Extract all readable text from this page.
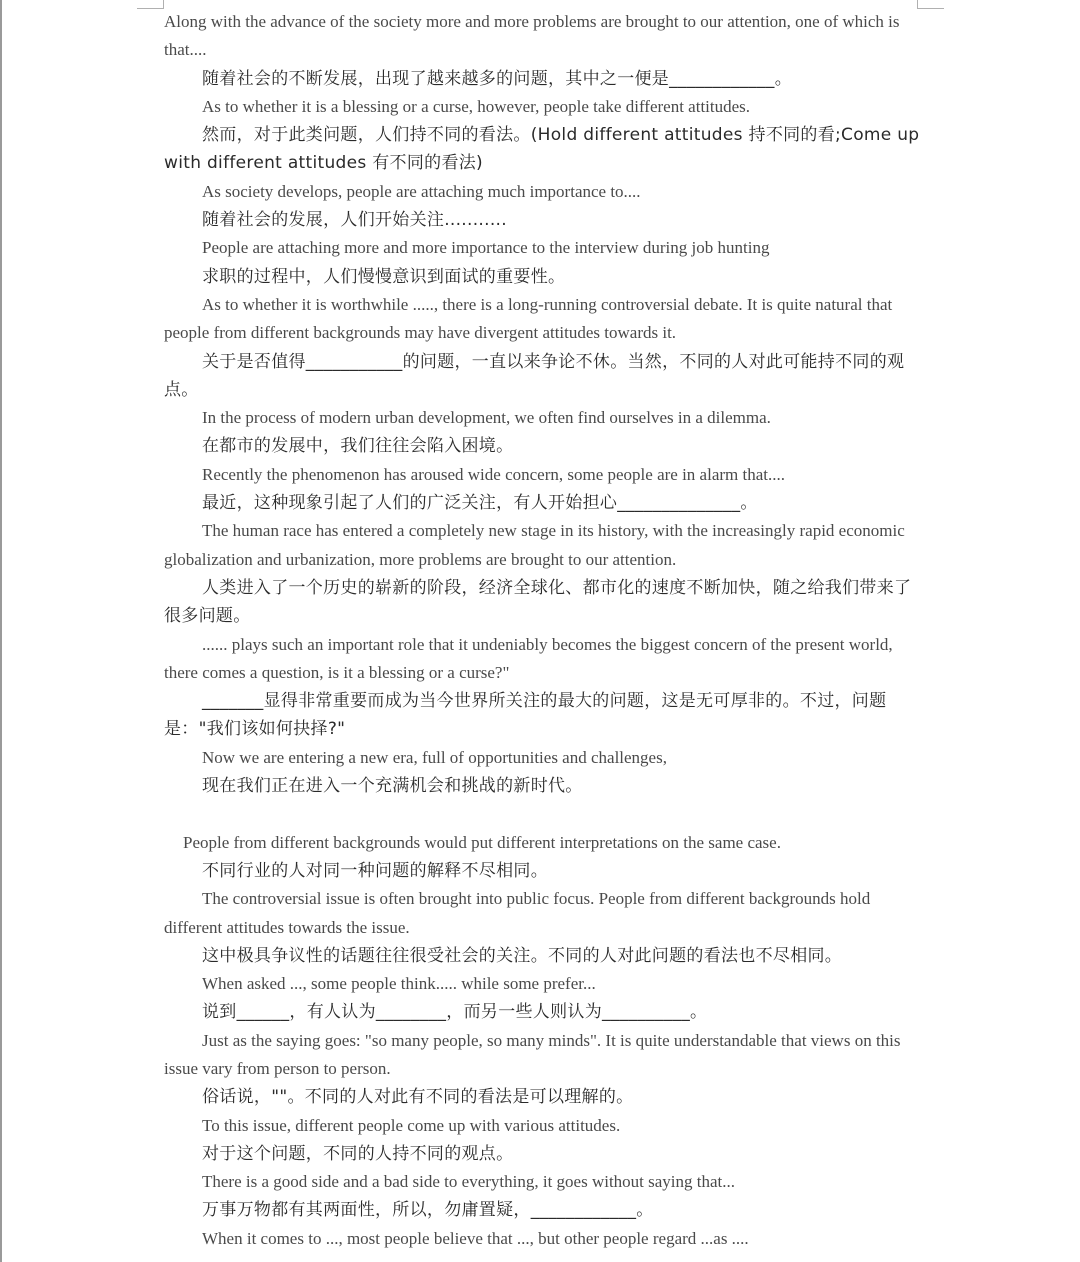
Along with the advance of the society more and more problems are brought to our attention, one of which is that....

随着社会的不断发展，出现了越来越多的问题，其中之一便是____________。

As to whether it is a blessing or a curse, however, people take different attitudes.

然而，对于此类问题，人们持不同的看法。(Hold different attitudes 持不同的看;Come up with different attitudes 有不同的看法)

As society develops, people are attaching much importance to....

随着社会的发展，人们开始关注...........

People are attaching more and more importance to the interview during job hunting

求职的过程中，人们慢慢意识到面试的重要性。

As to whether it is worthwhile ....., there is a long-running controversial debate. It is quite natural that people from different backgrounds may have divergent attitudes towards it.

关于是否值得___________的问题，一直以来争论不休。当然，不同的人对此可能持不同的观点。

In the process of modern urban development, we often find ourselves in a dilemma.

在都市的发展中，我们往往会陷入困境。

Recently the phenomenon has aroused wide concern, some people are in alarm that....

最近，这种现象引起了人们的广泛关注，有人开始担心______________。

The human race has entered a completely new stage in its history, with the increasingly rapid economic globalization and urbanization, more problems are brought to our attention.

人类进入了一个历史的崭新的阶段，经济全球化、都市化的速度不断加快，随之给我们带来了很多问题。

...... plays such an important role that it undeniably becomes the biggest concern of the present world, there comes a question, is it a blessing or a curse?"

_______显得非常重要而成为当今世界所关注的最大的问题，这是无可厚非的。不过，问题是："我们该如何抉择?"

Now we are entering a new era, full of opportunities and challenges,

现在我们正在进入一个充满机会和挑战的新时代。

People from different backgrounds would put different interpretations on the same case.

不同行业的人对同一种问题的解释不尽相同。

The controversial issue is often brought into public focus. People from different backgrounds hold different attitudes towards the issue.

这中极具争议性的话题往往很受社会的关注。不同的人对此问题的看法也不尽相同。

When asked ..., some people think..... while some prefer...

说到______，有人认为________，而另一些人则认为__________。

Just as the saying goes: "so many people, so many minds". It is quite understandable that views on this issue vary from person to person.

俗话说，""。不同的人对此有不同的看法是可以理解的。

To this issue, different people come up with various attitudes.

对于这个问题，不同的人持不同的观点。

There is a good side and a bad side to everything, it goes without saying that...

万事万物都有其两面性，所以，勿庸置疑，____________。

When it comes to ..., most people believe that ..., but other people regard ...as ....
